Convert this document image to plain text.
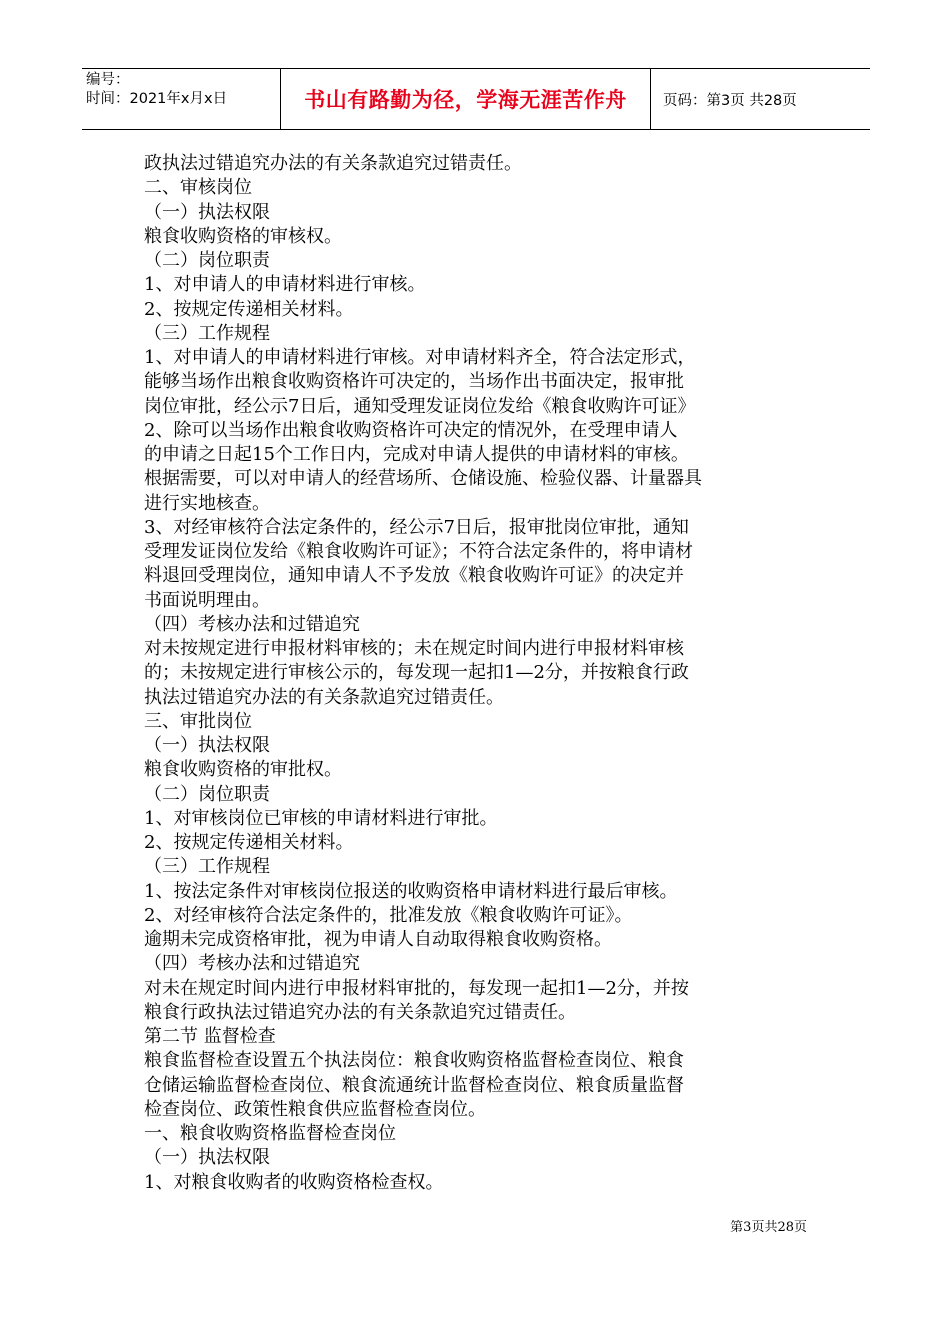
编号：
时间：2021年x月x日	书山有路勤为径，学海无涯苦作舟	页码：第3页 共28页

政执法过错追究办法的有关条款追究过错责任。

二、审核岗位

（一）执法权限

粮食收购资格的审核权。

（二）岗位职责

1、对申请人的申请材料进行审核。

2、按规定传递相关材料。

（三）工作规程

1、对申请人的申请材料进行审核。对申请材料齐全，符合法定形式，

能够当场作出粮食收购资格许可决定的，当场作出书面决定，报审批

岗位审批，经公示7日后，通知受理发证岗位发给《粮食收购许可证》

2、除可以当场作出粮食收购资格许可决定的情况外，在受理申请人

的申请之日起15个工作日内，完成对申请人提供的申请材料的审核。

根据需要，可以对申请人的经营场所、仓储设施、检验仪器、计量器具

进行实地核查。

3、对经审核符合法定条件的，经公示7日后，报审批岗位审批，通知

受理发证岗位发给《粮食收购许可证》；不符合法定条件的，将申请材

料退回受理岗位，通知申请人不予发放《粮食收购许可证》的决定并

书面说明理由。

（四）考核办法和过错追究

对未按规定进行申报材料审核的；未在规定时间内进行申报材料审核

的；未按规定进行审核公示的，每发现一起扣1—2分，并按粮食行政

执法过错追究办法的有关条款追究过错责任。

三、审批岗位

（一）执法权限

粮食收购资格的审批权。

（二）岗位职责

1、对审核岗位已审核的申请材料进行审批。

2、按规定传递相关材料。

（三）工作规程

1、按法定条件对审核岗位报送的收购资格申请材料进行最后审核。

2、对经审核符合法定条件的，批准发放《粮食收购许可证》。

逾期未完成资格审批，视为申请人自动取得粮食收购资格。

（四）考核办法和过错追究

对未在规定时间内进行申报材料审批的，每发现一起扣1—2分，并按

粮食行政执法过错追究办法的有关条款追究过错责任。

第二节 监督检查

粮食监督检查设置五个执法岗位：粮食收购资格监督检查岗位、粮食

仓储运输监督检查岗位、粮食流通统计监督检查岗位、粮食质量监督

检查岗位、政策性粮食供应监督检查岗位。

一、粮食收购资格监督检查岗位

（一）执法权限

1、对粮食收购者的收购资格检查权。

第3页共28页
